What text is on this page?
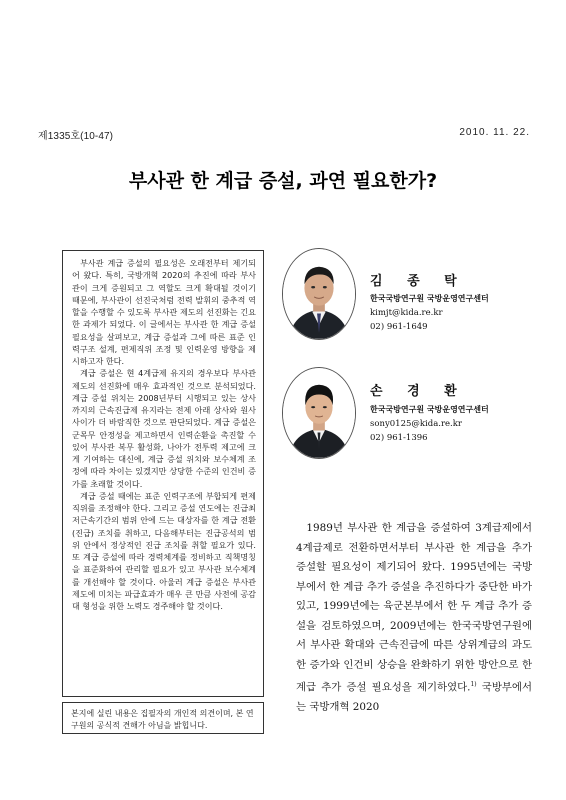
제1335호(10-47)	2010. 11. 22.
부사관 한 계급 증설, 과연 필요한가?

부사관 계급 증설의 필요성은 오래전부터 제기되어 왔다. 특히, 국방개혁 2020의 추진에 따라 부사관이 크게 증원되고 그 역할도 크게 확대될 것이기 때문에, 부사관이 선진국처럼 전력 발휘의 중추적 역할을 수행할 수 있도록 부사관 제도의 선진화는 긴요한 과제가 되었다. 이 글에서는 부사관 한 계급 증설 필요성을 살펴보고, 계급 증설과 그에 따른 표준 인력구조 설계, 편제직위 조정 및 인력운영 방향을 제시하고자 한다.

계급 증설은 현 4계급제 유지의 경우보다 부사관 제도의 선진화에 매우 효과적인 것으로 분석되었다. 계급 증설 위치는 2008년부터 시행되고 있는 상사까지의 근속진급제 유지라는 전제 아래 상사와 원사 사이가 더 바람직한 것으로 판단되었다. 계급 증설은 군목무 안정성을 제고하면서 인력순환을 촉진할 수 있어 부사관 복무 활성화, 나아가 전투력 제고에 크게 기여하는 대신에, 계급 증설 위치와 보수체계 조정에 따라 차이는 있겠지만 상당한 수준의 인건비 증가를 초래할 것이다.

계급 증설 때에는 표준 인력구조에 부합되게 편제직위를 조정해야 한다. 그리고 증설 연도에는 진급최저근속기간의 범위 안에 드는 대상자를 한 계급 전환(진급) 조치를 취하고, 다음해부터는 진급공석의 범위 안에서 정상적인 진급 조치를 취할 필요가 있다. 또 계급 증설에 따라 경력체계를 정비하고 직책명칭을 표준화하여 관리할 필요가 있고 부사관 보수체계를 개선해야 할 것이다. 아울러 계급 증설은 부사관 제도에 미치는 파급효과가 매우 큰 만큼 사전에 공감대 형성을 위한 노력도 경주해야 할 것이다.

본지에 실린 내용은 집필자의 개인적 의견이며, 본 연구원의 공식적 견해가 아님을 밝힙니다.
김 종 탁
한국국방연구원 국방운영연구센터
kimjt@kida.re.kr
02) 961-1649
손 경 환
한국국방연구원 국방운영연구센터
sony0125@kida.re.kr
02) 961-1396

1989년 부사관 한 계급을 증설하여 3계급제에서 4계급제로 전환하면서부터 부사관 한 계급을 추가 증설할 필요성이 제기되어 왔다. 1995년에는 국방부에서 한 계급 추가 증설을 추진하다가 중단한 바가 있고, 1999년에는 육군본부에서 한 두 계급 추가 증설을 검토하였으며, 2009년에는 한국국방연구원에서 부사관 확대와 근속진급에 따른 상위계급의 과도한 증가와 인건비 상승을 완화하기 위한 방안으로 한 계급 추가 증설 필요성을 제기하였다.$^{1)}$ 국방부에서는 국방개혁 2020
